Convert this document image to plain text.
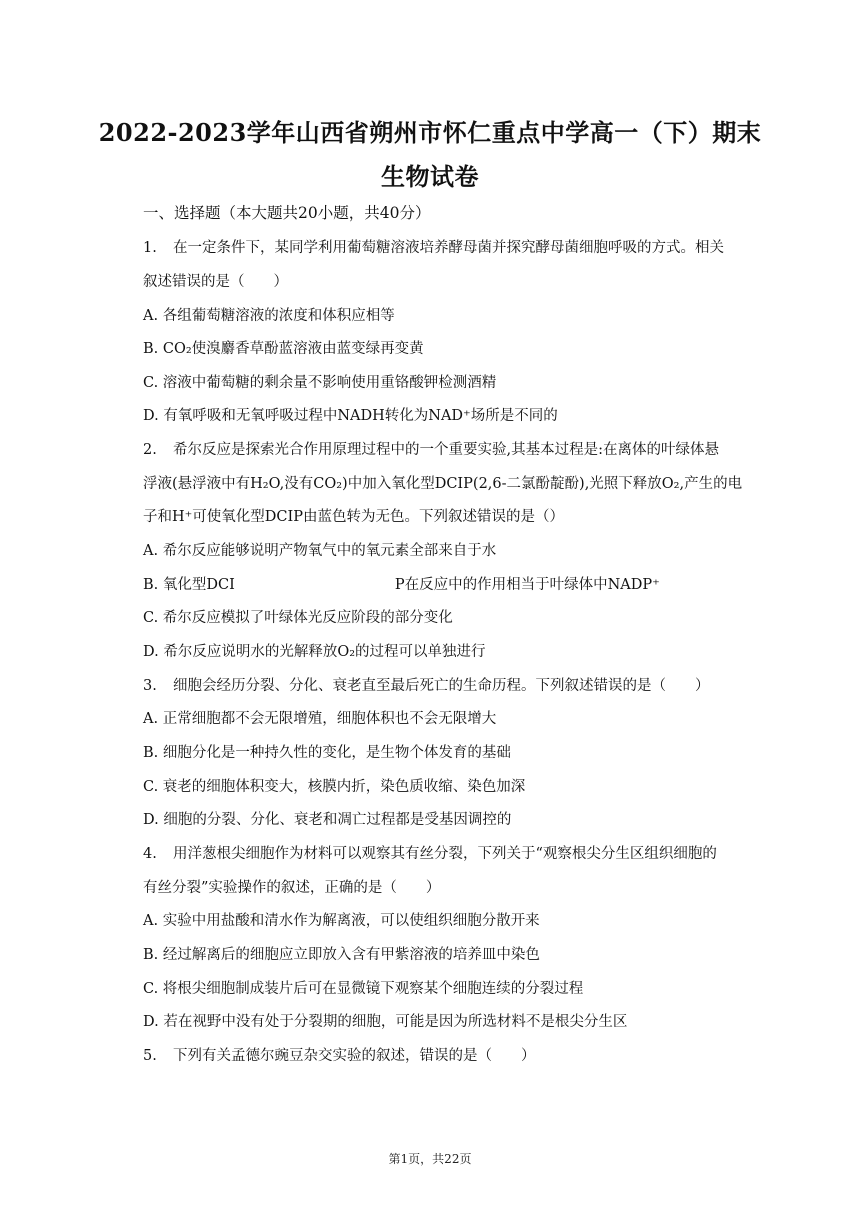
2022-2023学年山西省朔州市怀仁重点中学高一（下）期末
生物试卷
一、选择题（本大题共20小题，共40分）
1. 在一定条件下，某同学利用葡萄糖溶液培养酵母菌并探究酵母菌细胞呼吸的方式。相关
叙述错误的是（　　）
A. 各组葡萄糖溶液的浓度和体积应相等
B. CO₂使溴麝香草酚蓝溶液由蓝变绿再变黄
C. 溶液中葡萄糖的剩余量不影响使用重铬酸钾检测酒精
D. 有氧呼吸和无氧呼吸过程中NADH转化为NAD⁺场所是不同的
2. 希尔反应是探索光合作用原理过程中的一个重要实验,其基本过程是:在离体的叶绿体悬
浮液(悬浮液中有H₂O,没有CO₂)中加入氧化型DCIP(2,6-二氯酚靛酚),光照下释放O₂,产生的电
子和H⁺可使氧化型DCIP由蓝色转为无色。下列叙述错误的是（）
A. 希尔反应能够说明产物氧气中的氧元素全部来自于水
B. 氧化型DCI	P在反应中的作用相当于叶绿体中NADP⁺
C. 希尔反应模拟了叶绿体光反应阶段的部分变化
D. 希尔反应说明水的光解释放O₂的过程可以单独进行
3. 细胞会经历分裂、分化、衰老直至最后死亡的生命历程。下列叙述错误的是（　　）
A. 正常细胞都不会无限增殖，细胞体积也不会无限增大
B. 细胞分化是一种持久性的变化，是生物个体发育的基础
C. 衰老的细胞体积变大，核膜内折，染色质收缩、染色加深
D. 细胞的分裂、分化、衰老和凋亡过程都是受基因调控的
4. 用洋葱根尖细胞作为材料可以观察其有丝分裂，下列关于“观察根尖分生区组织细胞的
有丝分裂”实验操作的叙述，正确的是（　　）
A. 实验中用盐酸和清水作为解离液，可以使组织细胞分散开来
B. 经过解离后的细胞应立即放入含有甲紫溶液的培养皿中染色
C. 将根尖细胞制成装片后可在显微镜下观察某个细胞连续的分裂过程
D. 若在视野中没有处于分裂期的细胞，可能是因为所选材料不是根尖分生区
5. 下列有关孟德尔豌豆杂交实验的叙述，错误的是（　　）
第1页，共22页
